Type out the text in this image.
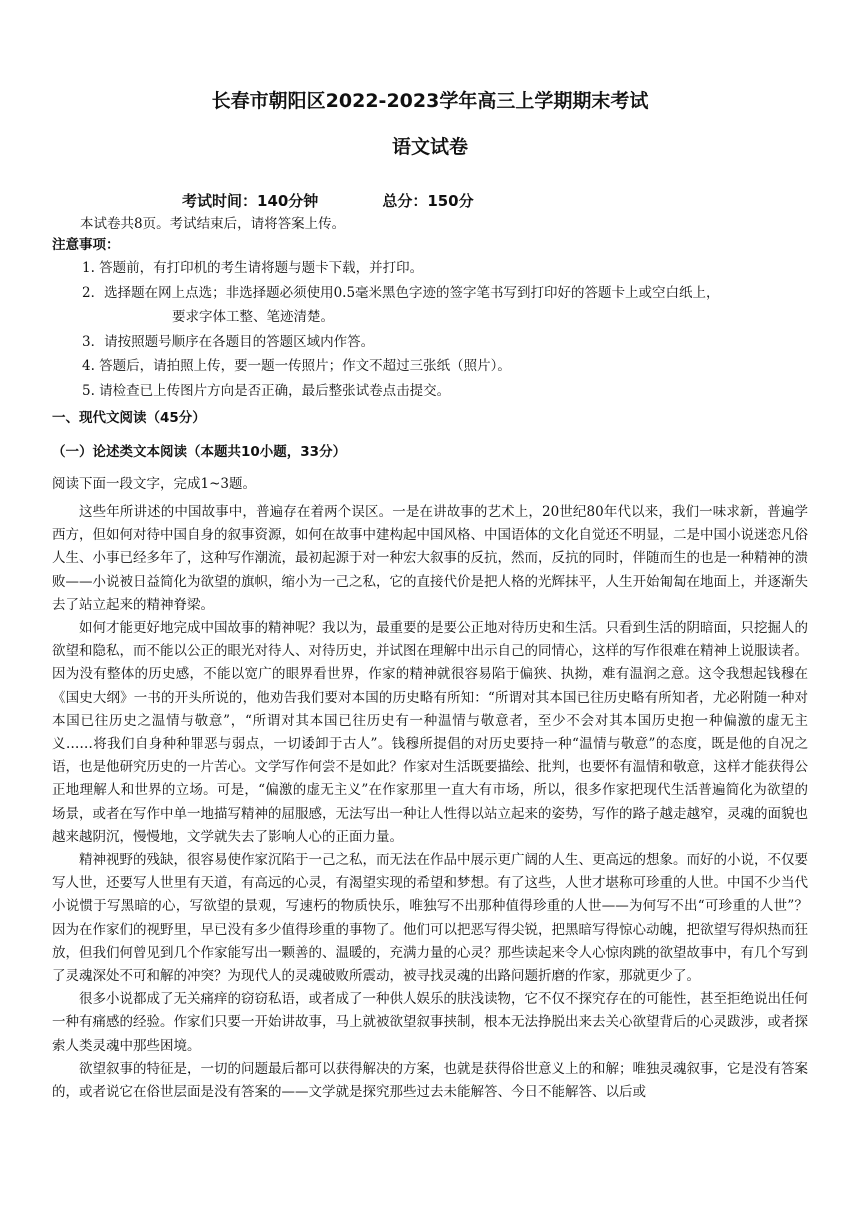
长春市朝阳区2022-2023学年高三上学期期末考试
语文试卷
考试时间：140分钟	总分：150分
本试卷共8页。考试结束后，请将答案上传。
注意事项：
1. 答题前，有打印机的考生请将题与题卡下载，并打印。
2．选择题在网上点选；非选择题必须使用0.5毫米黑色字迹的签字笔书写到打印好的答题卡上或空白纸上，
要求字体工整、笔迹清楚。
3．请按照题号顺序在各题目的答题区域内作答。
4. 答题后，请拍照上传，要一题一传照片；作文不超过三张纸（照片）。
5. 请检查已上传图片方向是否正确，最后整张试卷点击提交。
一、现代文阅读（45分）
（一）论述类文本阅读（本题共10小题，33分）
阅读下面一段文字，完成1~3题。

这些年所讲述的中国故事中，普遍存在着两个误区。一是在讲故事的艺术上，20世纪80年代以来，我们一味求新，普遍学西方，但如何对待中国自身的叙事资源，如何在故事中建构起中国风格、中国语体的文化自觉还不明显，二是中国小说迷恋凡俗人生、小事已经多年了，这种写作潮流，最初起源于对一种宏大叙事的反抗，然而，反抗的同时，伴随而生的也是一种精神的溃败——小说被日益简化为欲望的旗帜，缩小为一己之私，它的直接代价是把人格的光辉抹平，人生开始匍匐在地面上，并逐渐失去了站立起来的精神脊梁。

如何才能更好地完成中国故事的精神呢？我以为，最重要的是要公正地对待历史和生活。只看到生活的阴暗面，只挖掘人的欲望和隐私，而不能以公正的眼光对待人、对待历史，并试图在理解中出示自己的同情心，这样的写作很难在精神上说服读者。因为没有整体的历史感，不能以宽广的眼界看世界，作家的精神就很容易陷于偏狭、执拗，难有温润之意。这令我想起钱穆在《国史大纲》一书的开头所说的，他劝告我们要对本国的历史略有所知：“所谓对其本国已往历史略有所知者，尤必附随一种对本国已往历史之温情与敬意”，“所谓对其本国已往历史有一种温情与敬意者，至少不会对其本国历史抱一种偏激的虚无主义……将我们自身种种罪恶与弱点，一切诿卸于古人”。钱穆所提倡的对历史要持一种“温情与敬意”的态度，既是他的自况之语，也是他研究历史的一片苦心。文学写作何尝不是如此？作家对生活既要描绘、批判，也要怀有温情和敬意，这样才能获得公正地理解人和世界的立场。可是，“偏激的虚无主义”在作家那里一直大有市场，所以，很多作家把现代生活普遍简化为欲望的场景，或者在写作中单一地描写精神的屈服感，无法写出一种让人性得以站立起来的姿势，写作的路子越走越窄，灵魂的面貌也越来越阴沉，慢慢地，文学就失去了影响人心的正面力量。

精神视野的残缺，很容易使作家沉陷于一己之私，而无法在作品中展示更广阔的人生、更高远的想象。而好的小说，不仅要写人世，还要写人世里有天道，有高远的心灵，有渴望实现的希望和梦想。有了这些，人世才堪称可珍重的人世。中国不少当代小说惯于写黑暗的心，写欲望的景观，写速朽的物质快乐，唯独写不出那种值得珍重的人世——为何写不出“可珍重的人世”？因为在作家们的视野里，早已没有多少值得珍重的事物了。他们可以把恶写得尖锐，把黑暗写得惊心动魄，把欲望写得炽热而狂放，但我们何曾见到几个作家能写出一颗善的、温暖的，充满力量的心灵？那些读起来令人心惊肉跳的欲望故事中，有几个写到了灵魂深处不可和解的冲突？为现代人的灵魂破败所震动，被寻找灵魂的出路问题折磨的作家，那就更少了。

很多小说都成了无关痛痒的窃窃私语，或者成了一种供人娱乐的肤浅读物，它不仅不探究存在的可能性，甚至拒绝说出任何一种有痛感的经验。作家们只要一开始讲故事，马上就被欲望叙事挟制，根本无法挣脱出来去关心欲望背后的心灵跋涉，或者探索人类灵魂中那些困境。

欲望叙事的特征是，一切的问题最后都可以获得解决的方案，也就是获得俗世意义上的和解；唯独灵魂叙事，它是没有答案的，或者说它在俗世层面是没有答案的——文学就是探究那些过去未能解答、今日不能解答、以后或
